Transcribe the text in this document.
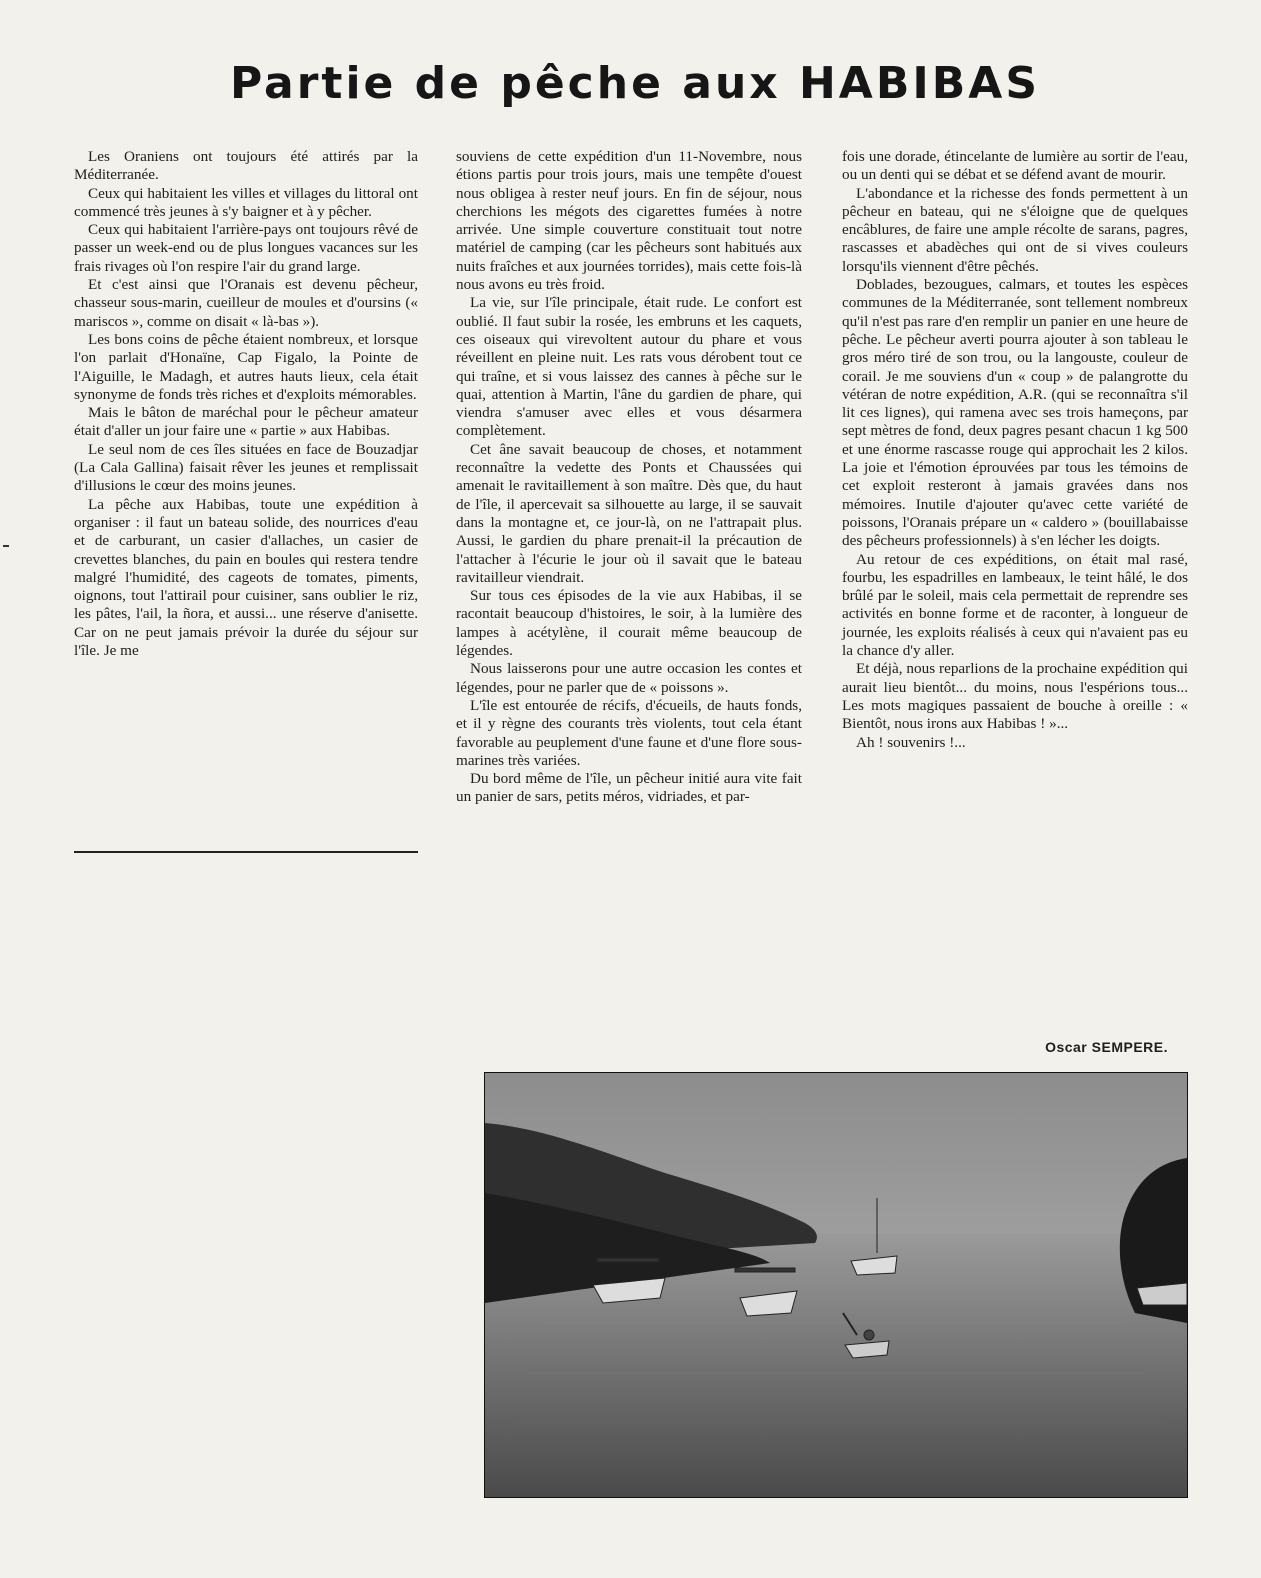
Partie de pêche aux HABIBAS

Les Oraniens ont toujours été attirés par la Méditerranée.

Ceux qui habitaient les villes et villages du littoral ont commencé très jeunes à s'y baigner et à y pêcher.

Ceux qui habitaient l'arrière-pays ont toujours rêvé de passer un week-end ou de plus longues vacances sur les frais rivages où l'on respire l'air du grand large.

Et c'est ainsi que l'Oranais est devenu pêcheur, chasseur sous-marin, cueilleur de moules et d'oursins (« mariscos », comme on disait « là-bas »).

Les bons coins de pêche étaient nombreux, et lorsque l'on parlait d'Honaïne, Cap Figalo, la Pointe de l'Aiguille, le Madagh, et autres hauts lieux, cela était synonyme de fonds très riches et d'exploits mémorables.

Mais le bâton de maréchal pour le pêcheur amateur était d'aller un jour faire une « partie » aux Habibas.

Le seul nom de ces îles situées en face de Bouzadjar (La Cala Gallina) faisait rêver les jeunes et remplissait d'illusions le cœur des moins jeunes.

La pêche aux Habibas, toute une expédition à organiser : il faut un bateau solide, des nourrices d'eau et de carburant, un casier d'allaches, un casier de crevettes blanches, du pain en boules qui restera tendre malgré l'humidité, des cageots de tomates, piments, oignons, tout l'attirail pour cuisiner, sans oublier le riz, les pâtes, l'ail, la ñora, et aussi... une réserve d'anisette. Car on ne peut jamais prévoir la durée du séjour sur l'île. Je me

souviens de cette expédition d'un 11-Novembre, nous étions partis pour trois jours, mais une tempête d'ouest nous obligea à rester neuf jours. En fin de séjour, nous cherchions les mégots des cigarettes fumées à notre arrivée. Une simple couverture constituait tout notre matériel de camping (car les pêcheurs sont habitués aux nuits fraîches et aux journées torrides), mais cette fois-là nous avons eu très froid.

La vie, sur l'île principale, était rude. Le confort est oublié. Il faut subir la rosée, les embruns et les caquets, ces oiseaux qui virevoltent autour du phare et vous réveillent en pleine nuit. Les rats vous dérobent tout ce qui traîne, et si vous laissez des cannes à pêche sur le quai, attention à Martin, l'âne du gardien de phare, qui viendra s'amuser avec elles et vous désarmera complètement.

Cet âne savait beaucoup de choses, et notamment reconnaître la vedette des Ponts et Chaussées qui amenait le ravitaillement à son maître. Dès que, du haut de l'île, il apercevait sa silhouette au large, il se sauvait dans la montagne et, ce jour-là, on ne l'attrapait plus. Aussi, le gardien du phare prenait-il la précaution de l'attacher à l'écurie le jour où il savait que le bateau ravitailleur viendrait.

Sur tous ces épisodes de la vie aux Habibas, il se racontait beaucoup d'histoires, le soir, à la lumière des lampes à acétylène, il courait même beaucoup de légendes.

Nous laisserons pour une autre occasion les contes et légendes, pour ne parler que de « poissons ».

L'île est entourée de récifs, d'écueils, de hauts fonds, et il y règne des courants très violents, tout cela étant favorable au peuplement d'une faune et d'une flore sous-marines très variées.

Du bord même de l'île, un pêcheur initié aura vite fait un panier de sars, petits méros, vidriades, et par-

fois une dorade, étincelante de lumière au sortir de l'eau, ou un denti qui se débat et se défend avant de mourir.

L'abondance et la richesse des fonds permettent à un pêcheur en bateau, qui ne s'éloigne que de quelques encâblures, de faire une ample récolte de sarans, pagres, rascasses et abadèches qui ont de si vives couleurs lorsqu'ils viennent d'être pêchés.

Doblades, bezougues, calmars, et toutes les espèces communes de la Méditerranée, sont tellement nombreux qu'il n'est pas rare d'en remplir un panier en une heure de pêche. Le pêcheur averti pourra ajouter à son tableau le gros méro tiré de son trou, ou la langouste, couleur de corail. Je me souviens d'un « coup » de palangrotte du vétéran de notre expédition, A.R. (qui se reconnaîtra s'il lit ces lignes), qui ramena avec ses trois hameçons, par sept mètres de fond, deux pagres pesant chacun 1 kg 500 et une énorme rascasse rouge qui approchait les 2 kilos. La joie et l'émotion éprouvées par tous les témoins de cet exploit resteront à jamais gravées dans nos mémoires. Inutile d'ajouter qu'avec cette variété de poissons, l'Oranais prépare un « caldero » (bouillabaisse des pêcheurs professionnels) à s'en lécher les doigts.

Au retour de ces expéditions, on était mal rasé, fourbu, les espadrilles en lambeaux, le teint hâlé, le dos brûlé par le soleil, mais cela permettait de reprendre ses activités en bonne forme et de raconter, à longueur de journée, les exploits réalisés à ceux qui n'avaient pas eu la chance d'y aller.

Et déjà, nous reparlions de la prochaine expédition qui aurait lieu bientôt... du moins, nous l'espérions tous... Les mots magiques passaient de bouche à oreille : « Bientôt, nous irons aux Habibas ! »...

Ah ! souvenirs !...

Oscar SEMPERE.
